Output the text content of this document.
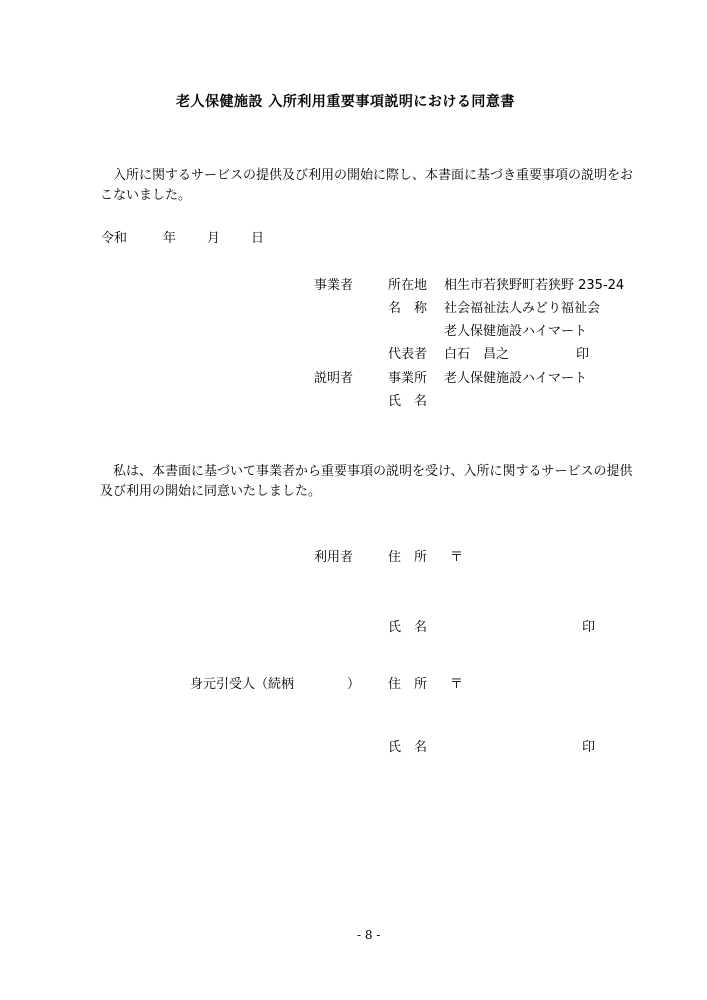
老人保健施設 入所利用重要事項説明における同意書
　入所に関するサービスの提供及び利用の開始に際し、本書面に基づき重要事項の説明をおこないました。
令和	年 月 日
事業者	所在地 相生市若狭野町若狭野 235-24
名　称 社会福祉法人みどり福祉会
老人保健施設ハイマート
代表者 白石　昌之	印
説明者	事業所 老人保健施設ハイマート
氏　名
　私は、本書面に基づいて事業者から重要事項の説明を受け、入所に関するサービスの提供及び利用の開始に同意いたしました。
利用者	住　所 〒
氏　名	印
身元引受人（続柄	） 住　所 〒
氏　名	印
- 8 -
